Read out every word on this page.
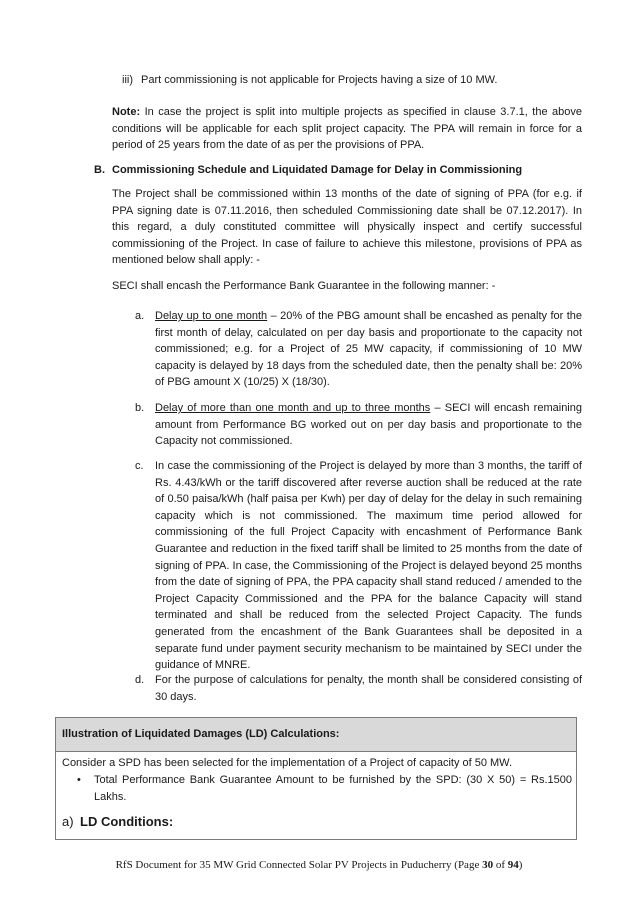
iii) Part commissioning is not applicable for Projects having a size of 10 MW.

Note: In case the project is split into multiple projects as specified in clause 3.7.1, the above conditions will be applicable for each split project capacity. The PPA will remain in force for a period of 25 years from the date of as per the provisions of PPA.

B. Commissioning Schedule and Liquidated Damage for Delay in Commissioning

The Project shall be commissioned within 13 months of the date of signing of PPA (for e.g. if PPA signing date is 07.11.2016, then scheduled Commissioning date shall be 07.12.2017). In this regard, a duly constituted committee will physically inspect and certify successful commissioning of the Project. In case of failure to achieve this milestone, provisions of PPA as mentioned below shall apply: -

SECI shall encash the Performance Bank Guarantee in the following manner: -

a. Delay up to one month – 20% of the PBG amount shall be encashed as penalty for the first month of delay, calculated on per day basis and proportionate to the capacity not commissioned; e.g. for a Project of 25 MW capacity, if commissioning of 10 MW capacity is delayed by 18 days from the scheduled date, then the penalty shall be: 20% of PBG amount X (10/25) X (18/30).

b. Delay of more than one month and up to three months – SECI will encash remaining amount from Performance BG worked out on per day basis and proportionate to the Capacity not commissioned.

c. In case the commissioning of the Project is delayed by more than 3 months, the tariff of Rs. 4.43/kWh or the tariff discovered after reverse auction shall be reduced at the rate of 0.50 paisa/kWh (half paisa per Kwh) per day of delay for the delay in such remaining capacity which is not commissioned. The maximum time period allowed for commissioning of the full Project Capacity with encashment of Performance Bank Guarantee and reduction in the fixed tariff shall be limited to 25 months from the date of signing of PPA. In case, the Commissioning of the Project is delayed beyond 25 months from the date of signing of PPA, the PPA capacity shall stand reduced / amended to the Project Capacity Commissioned and the PPA for the balance Capacity will stand terminated and shall be reduced from the selected Project Capacity. The funds generated from the encashment of the Bank Guarantees shall be deposited in a separate fund under payment security mechanism to be maintained by SECI under the guidance of MNRE.

d. For the purpose of calculations for penalty, the month shall be considered consisting of 30 days.

Illustration of Liquidated Damages (LD) Calculations:
Consider a SPD has been selected for the implementation of a Project of capacity of 50 MW.
• Total Performance Bank Guarantee Amount to be furnished by the SPD: (30 X 50) = Rs.1500 Lakhs.

a) LD Conditions:
RfS Document for 35 MW Grid Connected Solar PV Projects in Puducherry (Page 30 of 94)
